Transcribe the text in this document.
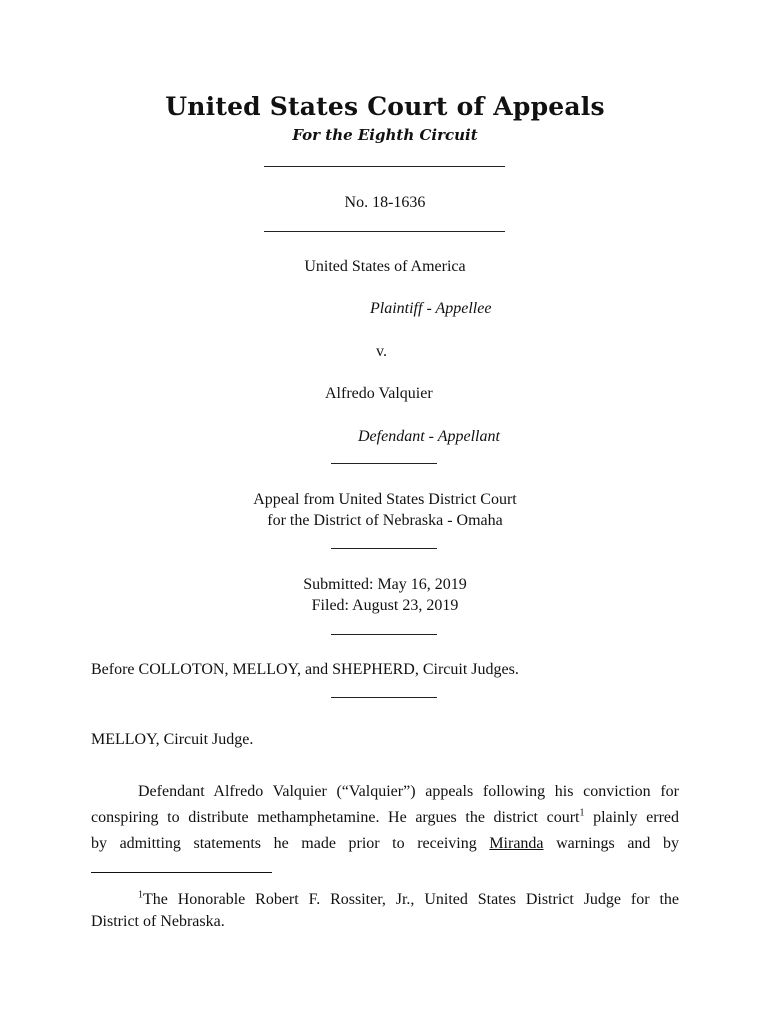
United States Court of Appeals
For the Eighth Circuit
No. 18-1636
United States of America
Plaintiff - Appellee
v.
Alfredo Valquier
Defendant - Appellant
Appeal from United States District Court
for the District of Nebraska - Omaha
Submitted: May 16, 2019
Filed: August 23, 2019
Before COLLOTON, MELLOY, and SHEPHERD, Circuit Judges.
MELLOY, Circuit Judge.
Defendant Alfredo Valquier (“Valquier”) appeals following his conviction for
conspiring to distribute methamphetamine. He argues the district court$^1$ plainly erred
by admitting statements he made prior to receiving Miranda warnings and by
$^1$The Honorable Robert F. Rossiter, Jr., United States District Judge for the
District of Nebraska.
